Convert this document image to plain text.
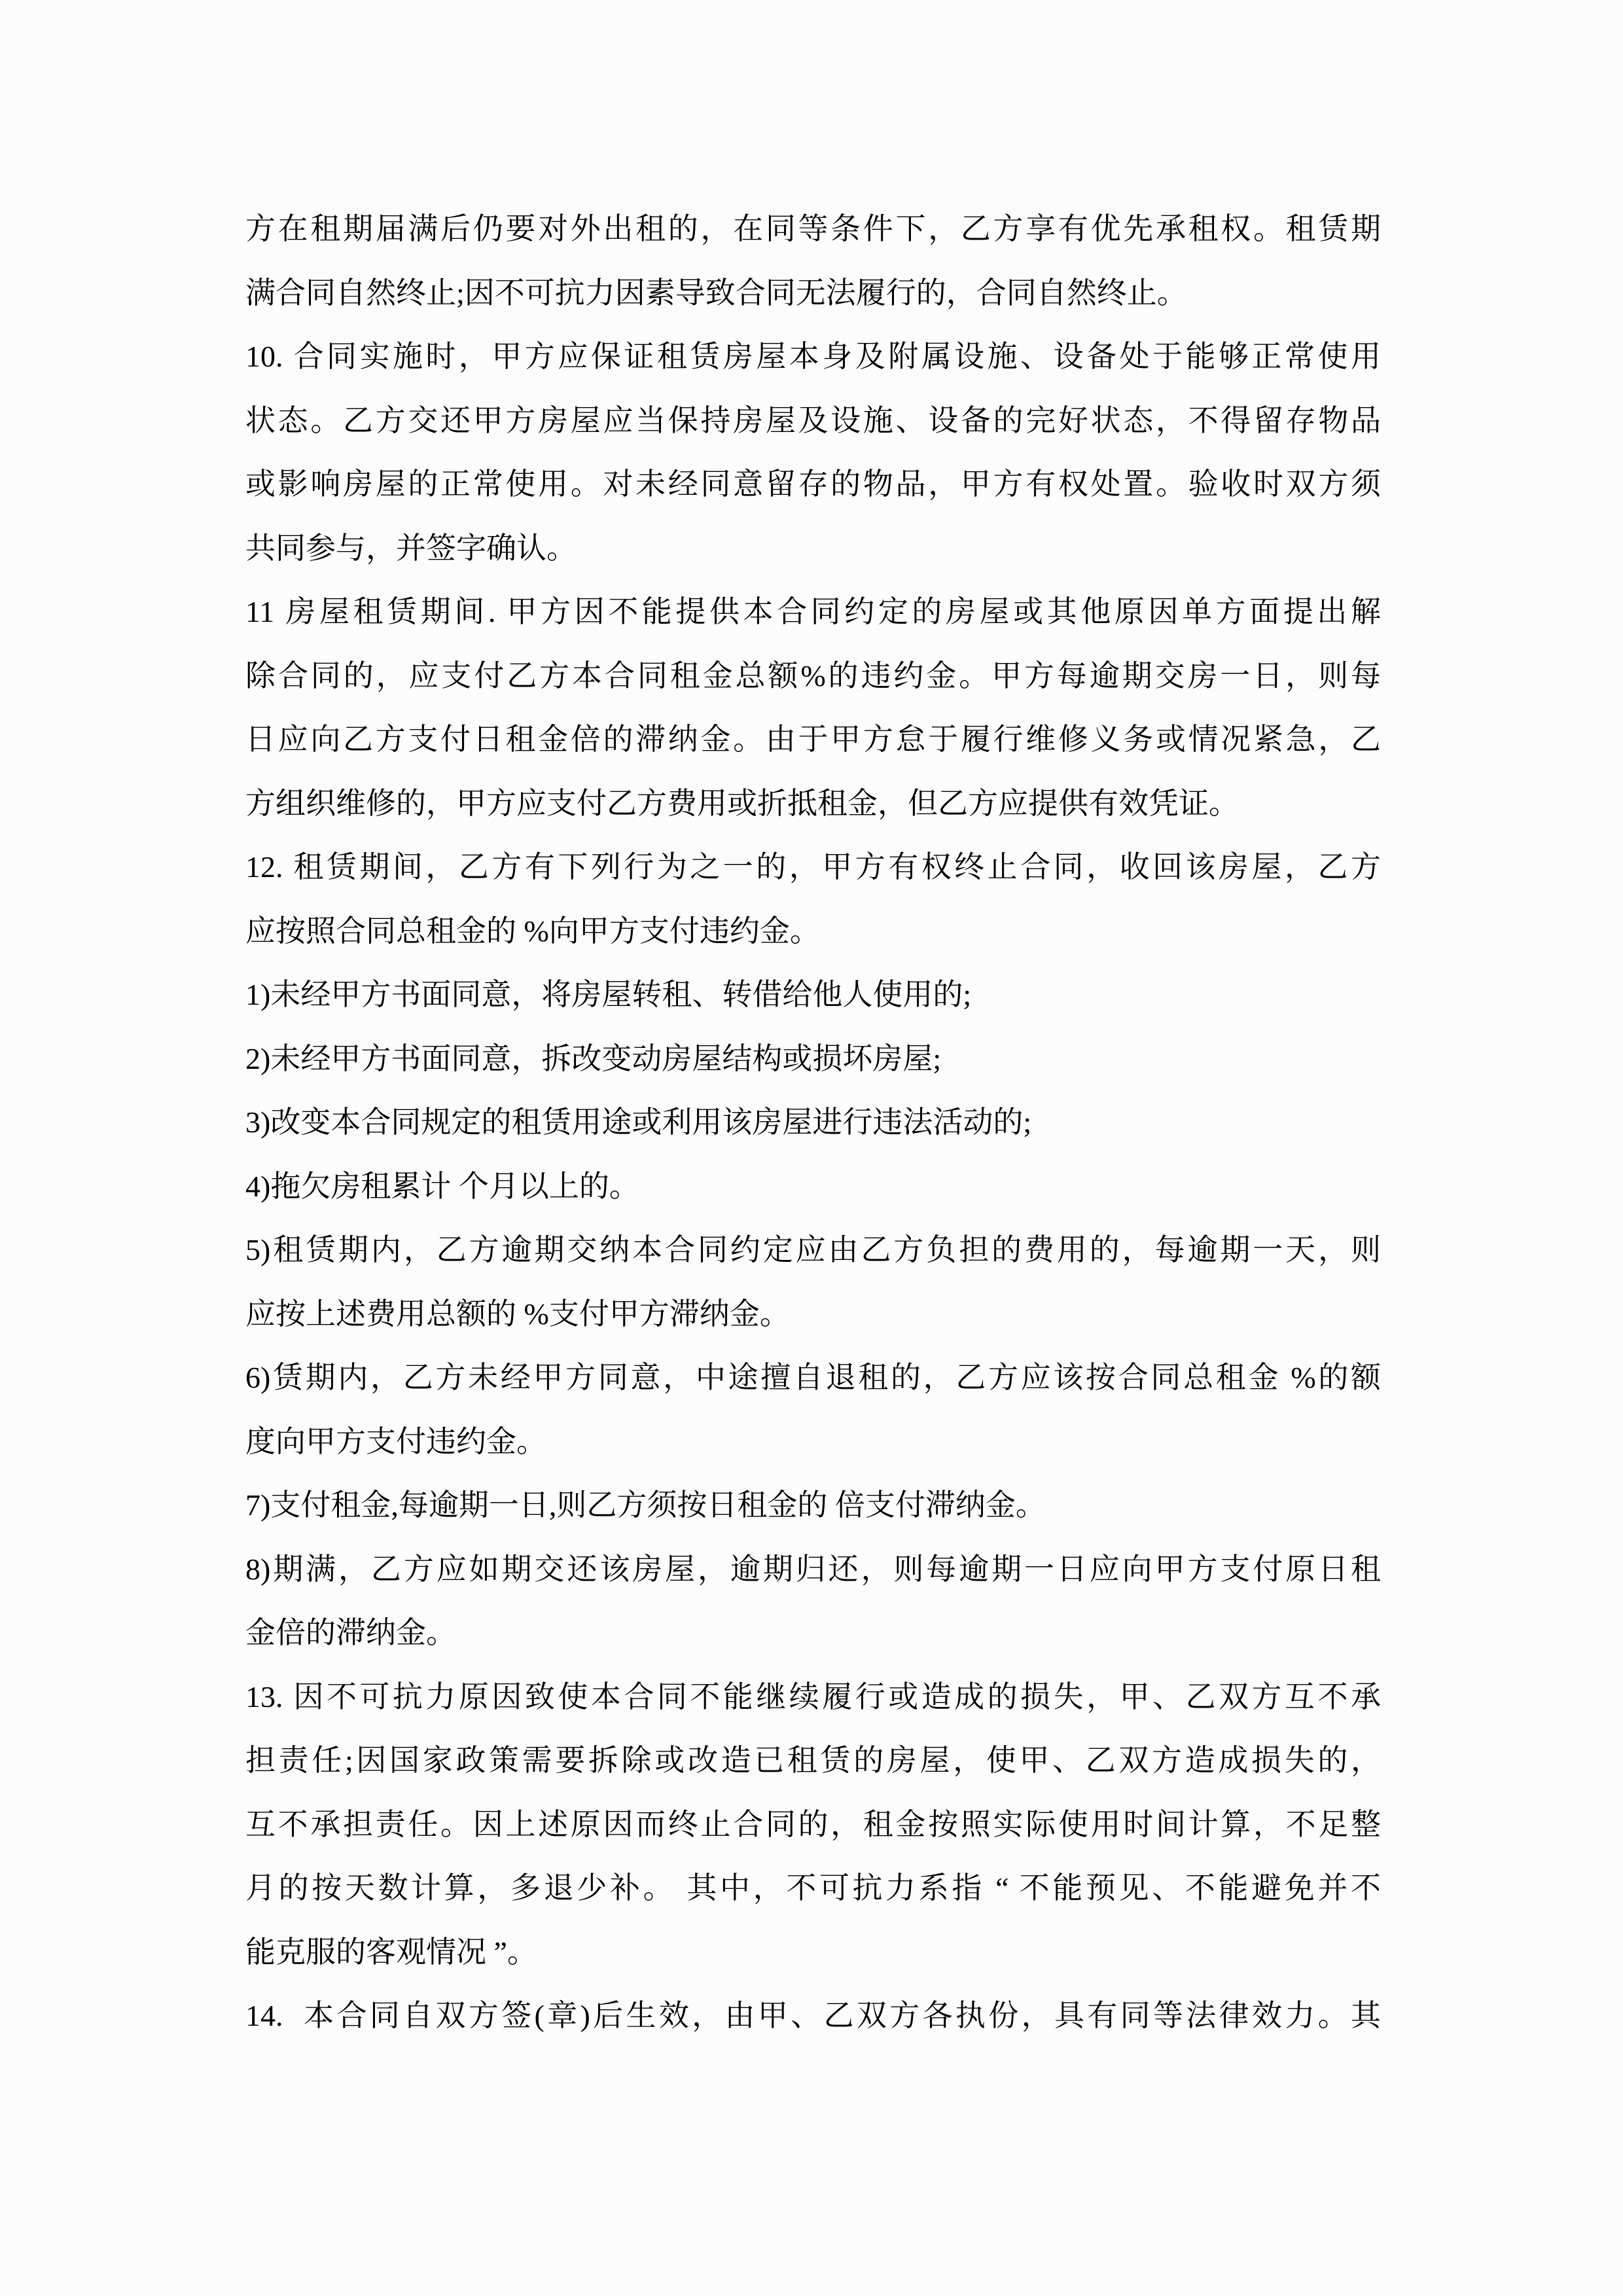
方在租期届满后仍要对外出租的，在同等条件下，乙方享有优先承租权。租赁期
满合同自然终止;因不可抗力因素导致合同无法履行的，合同自然终止。
10. 合同实施时，甲方应保证租赁房屋本身及附属设施、设备处于能够正常使用
状态。乙方交还甲方房屋应当保持房屋及设施、设备的完好状态，不得留存物品
或影响房屋的正常使用。对未经同意留存的物品，甲方有权处置。验收时双方须
共同参与，并签字确认。
11 房屋租赁期间. 甲方因不能提供本合同约定的房屋或其他原因单方面提出解
除合同的，应支付乙方本合同租金总额%的违约金。甲方每逾期交房一日，则每
日应向乙方支付日租金倍的滞纳金。由于甲方怠于履行维修义务或情况紧急，乙
方组织维修的，甲方应支付乙方费用或折抵租金，但乙方应提供有效凭证。
12. 租赁期间，乙方有下列行为之一的，甲方有权终止合同，收回该房屋，乙方
应按照合同总租金的 %向甲方支付违约金。
1)未经甲方书面同意，将房屋转租、转借给他人使用的;
2)未经甲方书面同意，拆改变动房屋结构或损坏房屋;
3)改变本合同规定的租赁用途或利用该房屋进行违法活动的;
4)拖欠房租累计 个月以上的。
5)租赁期内，乙方逾期交纳本合同约定应由乙方负担的费用的，每逾期一天，则
应按上述费用总额的 %支付甲方滞纳金。
6)赁期内，乙方未经甲方同意，中途擅自退租的，乙方应该按合同总租金 %的额
度向甲方支付违约金。
7)支付租金,每逾期一日,则乙方须按日租金的 倍支付滞纳金。
8)期满，乙方应如期交还该房屋，逾期归还，则每逾期一日应向甲方支付原日租
金倍的滞纳金。
13. 因不可抗力原因致使本合同不能继续履行或造成的损失，甲、乙双方互不承
担责任;因国家政策需要拆除或改造已租赁的房屋，使甲、乙双方造成损失的，
互不承担责任。因上述原因而终止合同的，租金按照实际使用时间计算，不足整
月的按天数计算，多退少补。 其中，不可抗力系指 “ 不能预见、不能避免并不
能克服的客观情况 ”。
14.  本合同自双方签(章)后生效，由甲、乙双方各执份，具有同等法律效力。其
